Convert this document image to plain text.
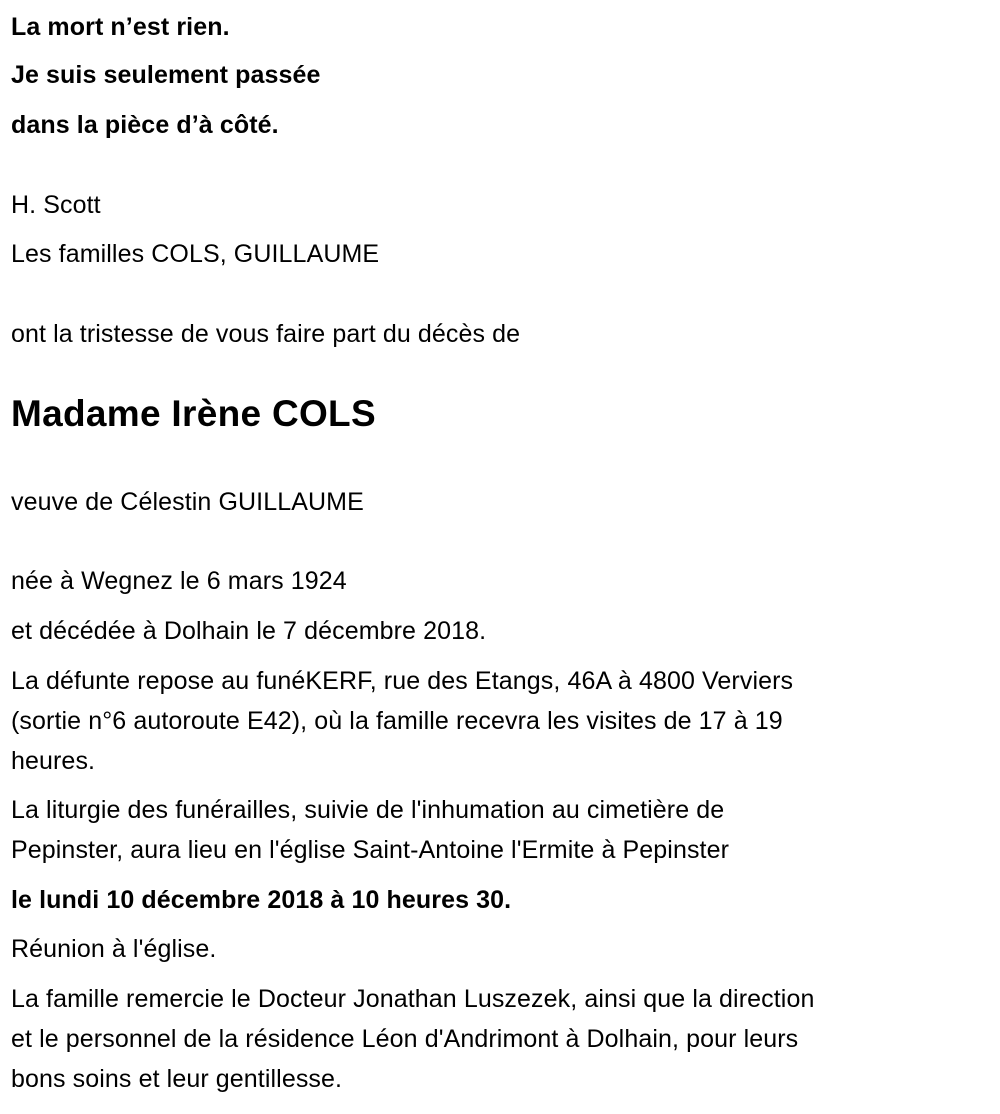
La mort n’est rien.
Je suis seulement passée
dans la pièce d’à côté.
H. Scott
Les familles COLS, GUILLAUME
ont la tristesse de vous faire part du décès de
Madame Irène COLS
veuve de Célestin GUILLAUME
née à Wegnez le 6 mars 1924
et décédée à Dolhain le 7 décembre 2018.
La défunte repose au funéKERF, rue des Etangs, 46A à 4800 Verviers
(sortie n°6 autoroute E42), où la famille recevra les visites de 17 à 19
heures.
La liturgie des funérailles, suivie de l'inhumation au cimetière de
Pepinster, aura lieu en l'église Saint-Antoine l'Ermite à Pepinster
le lundi 10 décembre 2018 à 10 heures 30.
Réunion à l'église.
La famille remercie le Docteur Jonathan Luszezek, ainsi que la direction
et le personnel de la résidence Léon d'Andrimont à Dolhain, pour leurs
bons soins et leur gentillesse.
